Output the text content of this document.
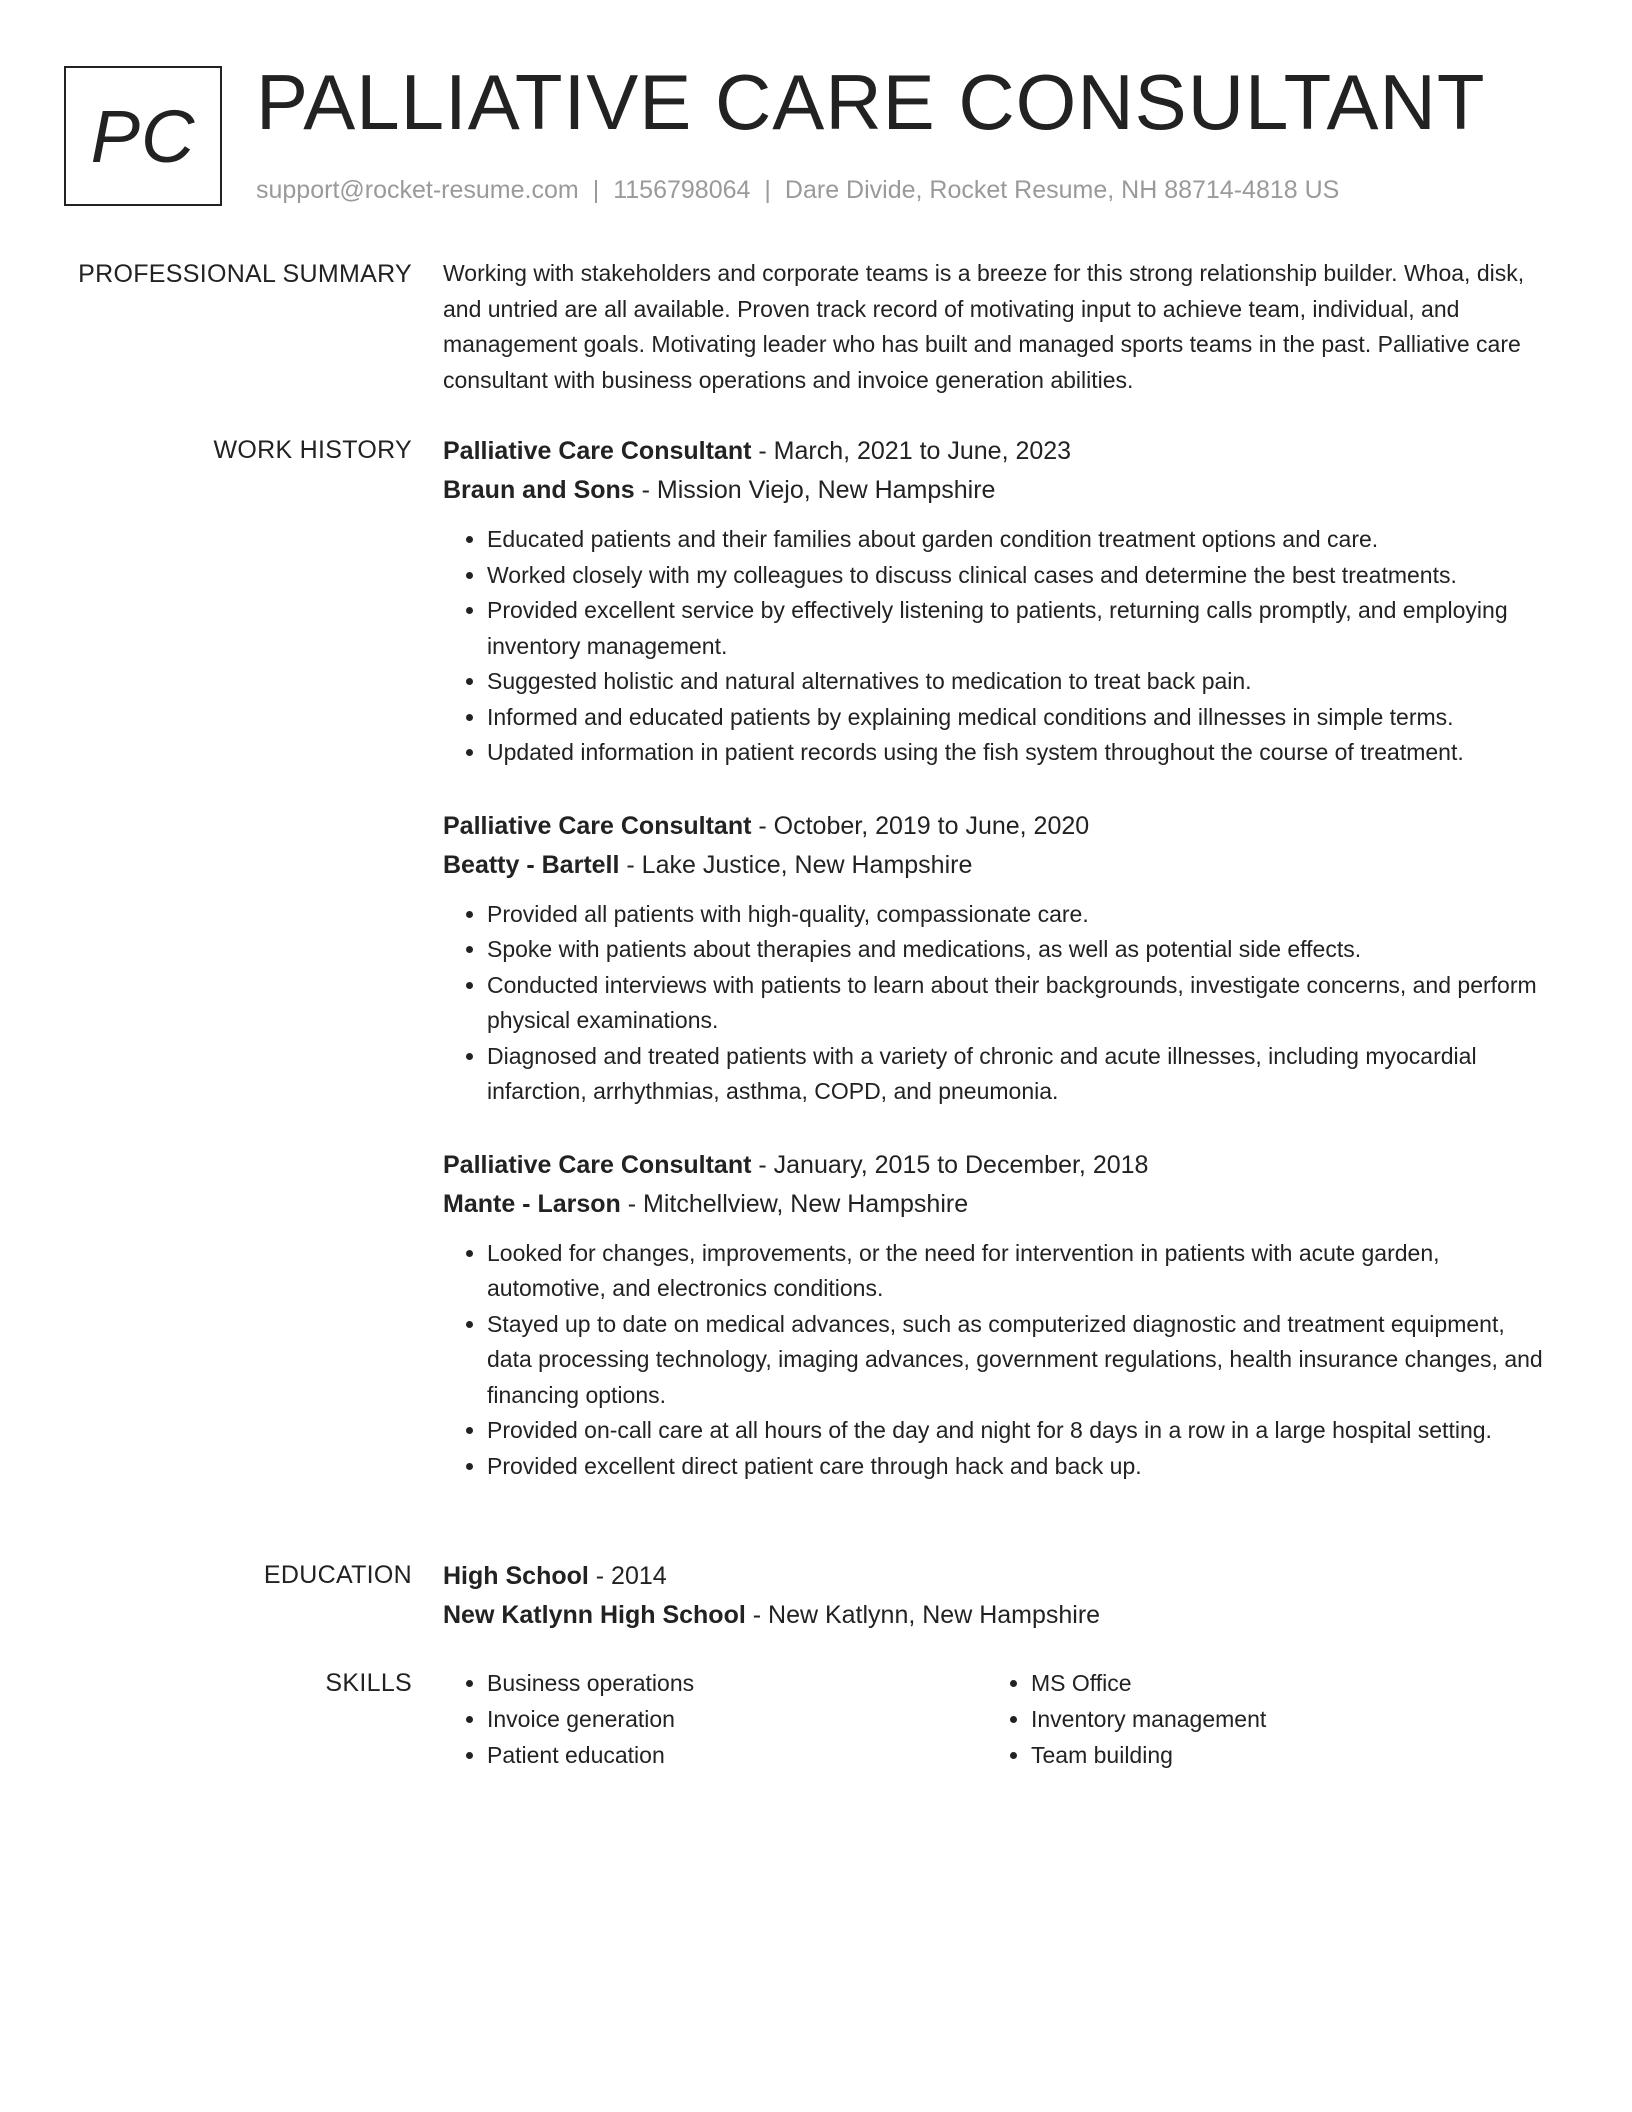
PC PALLIATIVE CARE CONSULTANT
support@rocket-resume.com | 1156798064 | Dare Divide, Rocket Resume, NH 88714-4818 US
PROFESSIONAL SUMMARY Working with stakeholders and corporate teams is a breeze for this strong relationship builder. Whoa, disk, and untried are all available. Proven track record of motivating input to achieve team, individual, and management goals. Motivating leader who has built and managed sports teams in the past. Palliative care consultant with business operations and invoice generation abilities.

WORK HISTORY Palliative Care Consultant - March, 2021 to June, 2023
Braun and Sons - Mission Viejo, New Hampshire
• Educated patients and their families about garden condition treatment options and care.
• Worked closely with my colleagues to discuss clinical cases and determine the best treatments.
• Provided excellent service by effectively listening to patients, returning calls promptly, and employing inventory management.
• Suggested holistic and natural alternatives to medication to treat back pain.
• Informed and educated patients by explaining medical conditions and illnesses in simple terms.
• Updated information in patient records using the fish system throughout the course of treatment.
Palliative Care Consultant - October, 2019 to June, 2020
Beatty - Bartell - Lake Justice, New Hampshire
• Provided all patients with high-quality, compassionate care.
• Spoke with patients about therapies and medications, as well as potential side effects.
• Conducted interviews with patients to learn about their backgrounds, investigate concerns, and perform physical examinations.
• Diagnosed and treated patients with a variety of chronic and acute illnesses, including myocardial infarction, arrhythmias, asthma, COPD, and pneumonia.
Palliative Care Consultant - January, 2015 to December, 2018
Mante - Larson - Mitchellview, New Hampshire
• Looked for changes, improvements, or the need for intervention in patients with acute garden, automotive, and electronics conditions.
• Stayed up to date on medical advances, such as computerized diagnostic and treatment equipment, data processing technology, imaging advances, government regulations, health insurance changes, and financing options.
• Provided on-call care at all hours of the day and night for 8 days in a row in a large hospital setting.
• Provided excellent direct patient care through hack and back up.
EDUCATION High School - 2014
New Katlynn High School - New Katlynn, New Hampshire
SKILLS
•	Business operations
• Invoice generation
• Patient education
• MS Office
• Inventory management
• Team building
